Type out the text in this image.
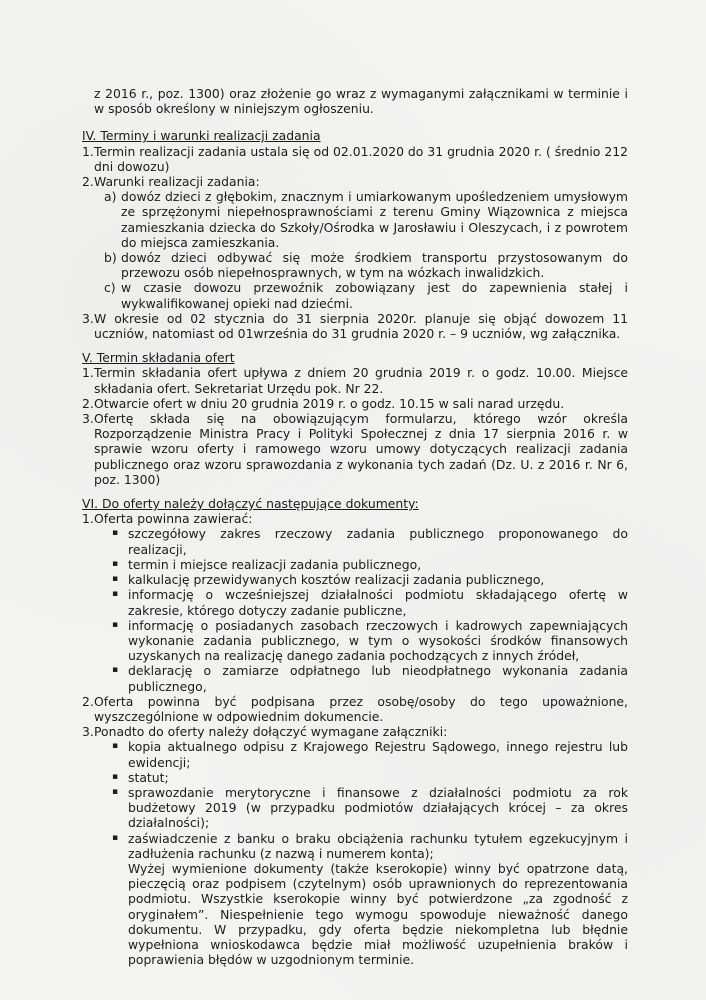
z 2016 r., poz. 1300) oraz złożenie go wraz z wymaganymi załącznikami w terminie i w sposób określony w niniejszym ogłoszeniu.

IV. Terminy i warunki realizacji zadania

1. Termin realizacji zadania ustala się od 02.01.2020 do 31 grudnia 2020 r. ( średnio 212 dni dowozu)
2. Warunki realizacji zadania:
a) dowóz dzieci z głębokim, znacznym i umiarkowanym upośledzeniem umysłowym ze sprzężonymi niepełnosprawnościami z terenu Gminy Wiązownica z miejsca zamieszkania dziecka do Szkoły/Ośrodka w Jarosławiu i Oleszycach, i z powrotem do miejsca zamieszkania.
b) dowóz dzieci odbywać się może środkiem transportu przystosowanym do przewozu osób niepełnosprawnych, w tym na wózkach inwalidzkich.
c) w czasie dowozu przewoźnik zobowiązany jest do zapewnienia stałej i wykwalifikowanej opieki nad dziećmi.
3. W okresie od 02 stycznia do 31 sierpnia 2020r. planuje się objąć dowozem 11 uczniów, natomiast od 01września do 31 grudnia 2020 r. – 9 uczniów, wg załącznika.

V. Termin składania ofert

1. Termin składania ofert upływa z dniem 20 grudnia 2019 r. o godz. 10.00. Miejsce składania ofert. Sekretariat Urzędu pok. Nr 22.
2. Otwarcie ofert w dniu 20 grudnia 2019 r. o godz. 10.15 w sali narad urzędu.
3. Ofertę składa się na obowiązującym formularzu, którego wzór określa Rozporządzenie Ministra Pracy i Polityki Społecznej z dnia 17 sierpnia 2016 r. w sprawie wzoru oferty i ramowego wzoru umowy dotyczących realizacji zadania publicznego oraz wzoru sprawozdania z wykonania tych zadań (Dz. U. z 2016 r. Nr 6, poz. 1300)

VI. Do oferty należy dołączyć następujące dokumenty:

1. Oferta powinna zawierać:
▪ szczegółowy zakres rzeczowy zadania publicznego proponowanego do realizacji,
▪ termin i miejsce realizacji zadania publicznego,
▪ kalkulację przewidywanych kosztów realizacji zadania publicznego,
▪ informację o wcześniejszej działalności podmiotu składającego ofertę w zakresie, którego dotyczy zadanie publiczne,
▪ informację o posiadanych zasobach rzeczowych i kadrowych zapewniających wykonanie zadania publicznego, w tym o wysokości środków finansowych uzyskanych na realizację danego zadania pochodzących z innych źródeł,
▪ deklarację o zamiarze odpłatnego lub nieodpłatnego wykonania zadania publicznego,
2. Oferta powinna być podpisana przez osobę/osoby do tego upoważnione, wyszczególnione w odpowiednim dokumencie.
3. Ponadto do oferty należy dołączyć wymagane załączniki:
▪ kopia aktualnego odpisu z Krajowego Rejestru Sądowego, innego rejestru lub ewidencji;
▪ statut;
▪ sprawozdanie merytoryczne i finansowe z działalności podmiotu za rok budżetowy 2019 (w przypadku podmiotów działających krócej – za okres działalności);
▪ zaświadczenie z banku o braku obciążenia rachunku tytułem egzekucyjnym i zadłużenia rachunku (z nazwą i numerem konta);

Wyżej wymienione dokumenty (także kserokopie) winny być opatrzone datą, pieczęcią oraz podpisem (czytelnym) osób uprawnionych do reprezentowania podmiotu. Wszystkie kserokopie winny być potwierdzone „za zgodność z oryginałem”. Niespełnienie tego wymogu spowoduje nieważność danego dokumentu. W przypadku, gdy oferta będzie niekompletna lub błędnie wypełniona wnioskodawca będzie miał możliwość uzupełnienia braków i poprawienia błędów w uzgodnionym terminie.
